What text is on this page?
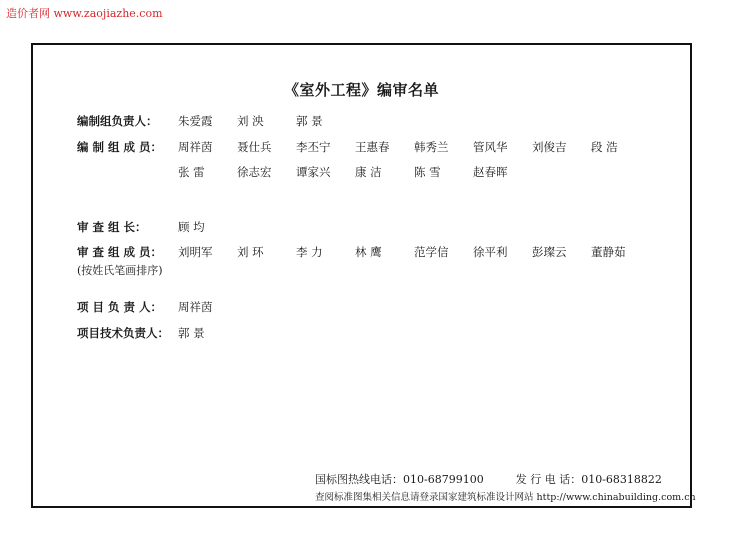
造价者网 www.zaojiazhe.com
《室外工程》编审名单
编制组负责人： 朱爱霞 刘 泱	郭 景
编 制 组 成 员： 周祥茵 聂仕兵 李丕宁 王惠春 韩秀兰 管风华 刘俊吉 段 浩
张 雷	徐志宏 谭家兴 康 洁	陈 雪	赵春晖
审 查 组 长：	顾 均
审 查 组 成 员：
(按姓氏笔画排序)
刘明军 刘 环	李 力	林 鹰	范学信 徐平利 彭璨云 董静茹
项 目 负 责 人： 周祥茵
项目技术负责人： 郭 景
国标图热线电话：010-68799100	发 行 电 话：010-68318822
查阅标准图集相关信息请登录国家建筑标准设计网站 http://www.chinabuilding.com.cn
